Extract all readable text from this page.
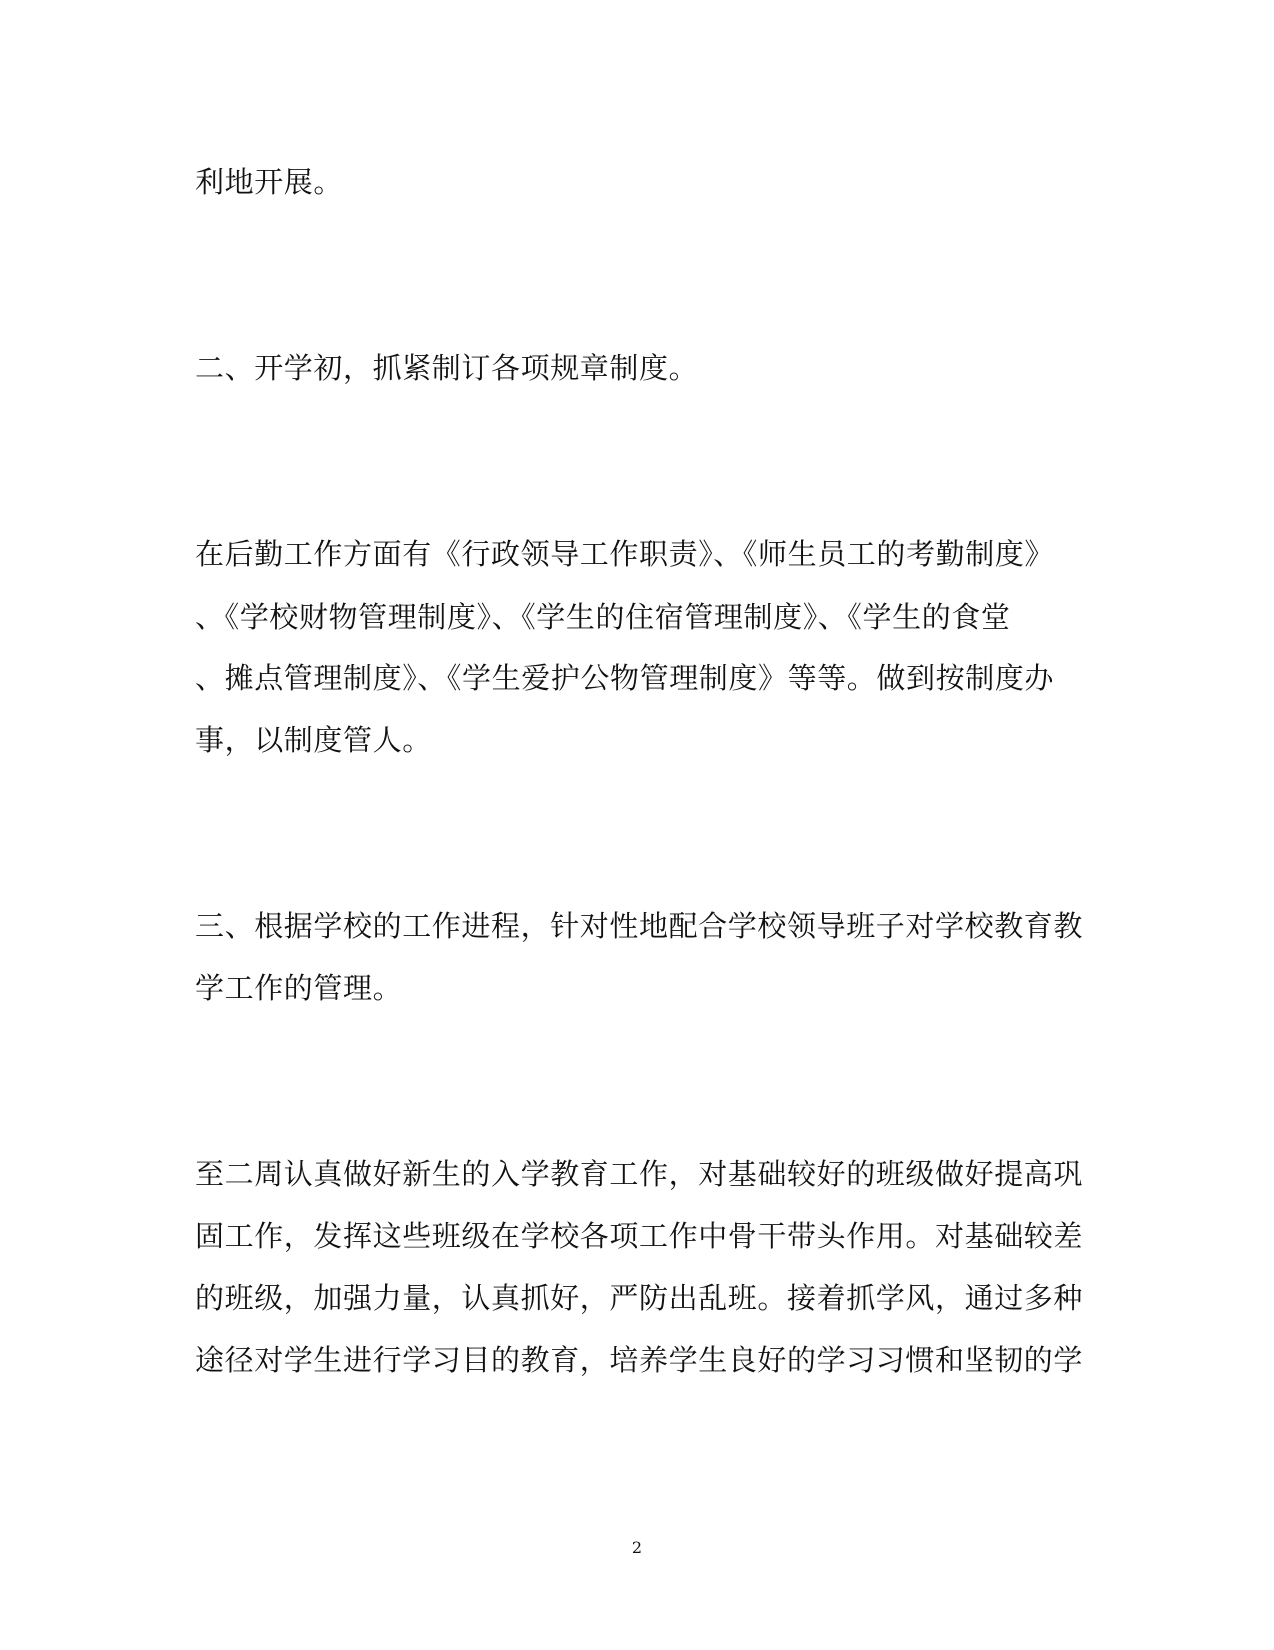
利地开展。
二、开学初，抓紧制订各项规章制度。
在后勤工作方面有《行政领导工作职责》、《师生员工的考勤制度》
、《学校财物管理制度》、《学生的住宿管理制度》、《学生的食堂
、摊点管理制度》、《学生爱护公物管理制度》等等。做到按制度办
事，以制度管人。
三、根据学校的工作进程，针对性地配合学校领导班子对学校教育教
学工作的管理。
至二周认真做好新生的入学教育工作，对基础较好的班级做好提高巩
固工作，发挥这些班级在学校各项工作中骨干带头作用。对基础较差
的班级，加强力量，认真抓好，严防出乱班。接着抓学风，通过多种
途径对学生进行学习目的教育，培养学生良好的学习习惯和坚韧的学
2
